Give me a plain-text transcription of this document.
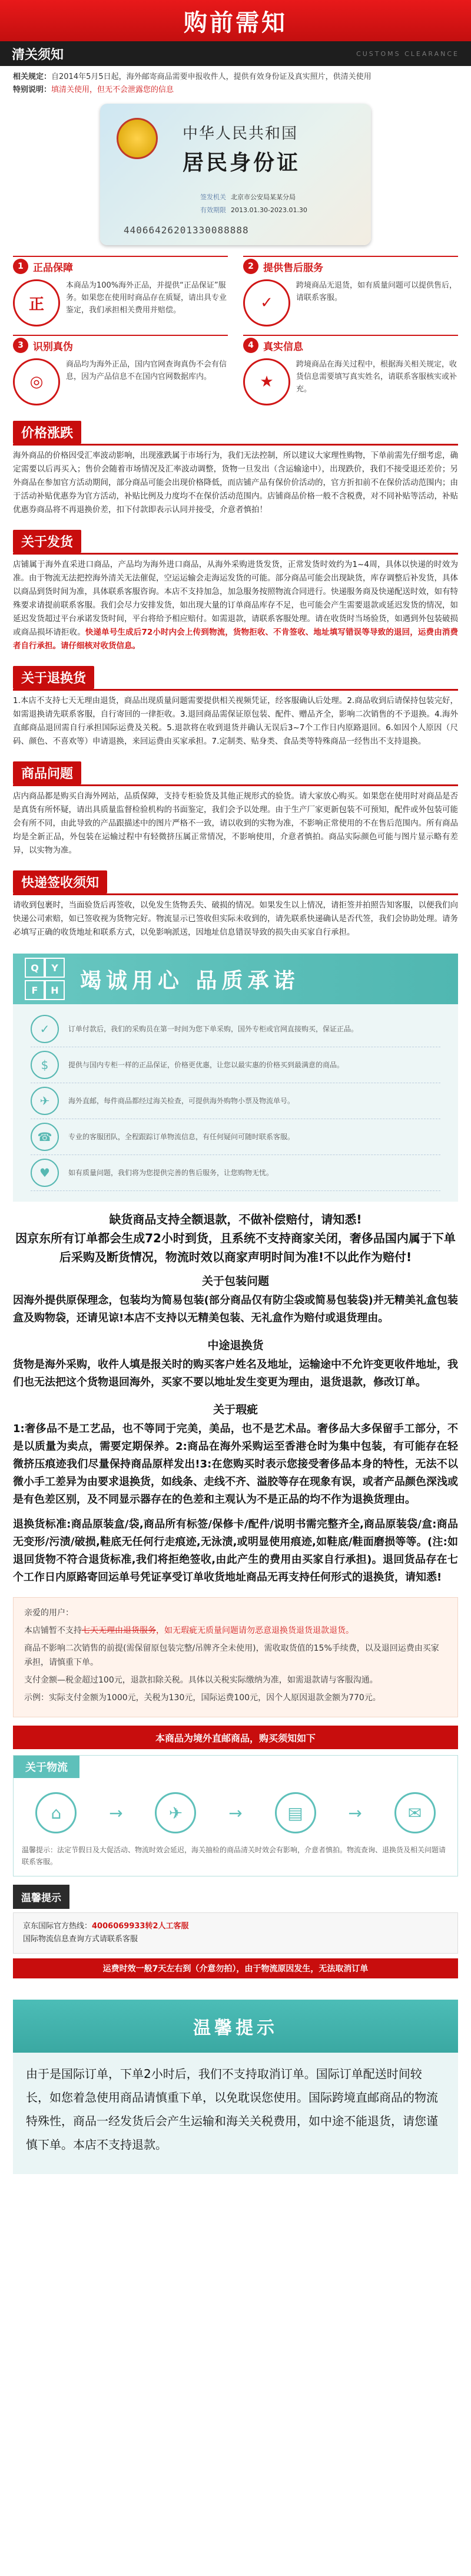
购前需知
清关须知	CUSTOMS CLEARANCE
相关规定：自2014年5月5日起，海外邮寄商品需要申报收件人，提供有效身份证及真实照片，供清关使用
特别说明：填清关使用，但无不会泄露您的信息
中华人民共和国
居民身份证
签发机关 北京市公安局某某分局
有效期限 2013.01.30-2023.01.30
44066426201330088888
1 正品保障
正

本商品为100%海外正品，并提供“正品保证”服务。如果您在使用时商品存在质疑，请出具专业鉴定，我们承担相关费用并赔偿。

2 提供售后服务
✓

跨境商品无退货，如有质量问题可以提供售后，请联系客服。

3 识别真伪
◎

商品均为海外正品，国内官网查询真伪不会有信息，因为产品信息不在国内官网数据库内。

4 真实信息
★

跨境商品在海关过程中，根据海关相关规定，收货信息需要填写真实姓名，请联系客服核实或补充。

价格涨跌
海外商品的价格因受汇率波动影响，出现涨跌属于市场行为，我们无法控制，所以建议大家理性购物，下单前需先仔细考虑，确定需要以后再买入；售价会随着市场情况及汇率波动调整，货物一旦发出（含运输途中），出现跌价，我们不接受退还差价；另外商品在参加官方活动期间，部分商品可能会出现价格降低，而店铺产品有保价价活动的，官方折扣前不在保价活动范围内；由于活动补贴优惠券为官方活动，补贴比例及力度均不在保价活动范围内。店铺商品价格一般不含税费，对不同补贴等活动，补贴优惠券商品将不再退换价差，扣下付款即表示认同并接受，介意者慎拍！
关于发货
店铺属于海外直采进口商品，产品均为海外进口商品，从海外采购进货发货，正常发货时效约为1~4周，具体以快递的时效为准。由于物流无法把控海外清关无法催促，空运运输会走海运发货的可能。部分商品可能会出现缺货，库存调整后补发货，具体以商品到货时间为准，具体联系客服咨询。本店不支持加急，加急服务按照物流合同进行。快递服务商及快递配送时效，如有特殊要求请提前联系客服。我们会尽力安排发货，如出现大量的订单商品库存不足，也可能会产生需要退款或延迟发货的情况，如延迟发货超过平台承诺发货时间，平台将给予相应赔付。如需退款，请联系客服处理。请在收货时当场验货，如遇到外包装破损或商品损坏请拒收。快递单号生成后72小时内会上传到物流，货物拒收、不肯签收、地址填写错误等导致的退回，运费由消费者自行承担。请仔细核对收货信息。
关于退换货
1.本店不支持七天无理由退货，商品出现质量问题需要提供相关视频凭证，经客服确认后处理。2.商品收到后请保持包装完好，如需退换请先联系客服，自行寄回的一律拒收。3.退回商品需保证原包装、配件、赠品齐全，影响二次销售的不予退换。4.海外直邮商品退回需自行承担国际运费及关税。5.退款将在收到退货并确认无误后3~7个工作日内原路退回。6.如因个人原因（尺码、颜色、不喜欢等）申请退换，来回运费由买家承担。7.定制类、贴身类、食品类等特殊商品一经售出不支持退换。
商品问题
店内商品都是购买自海外网站，品质保障，支持专柜验货及其他正规形式的验货。请大家放心购买。如果您在使用时对商品是否是真货有所怀疑，请出具质量监督检验机构的书面鉴定，我们会予以处理。由于生产厂家更新包装不可预知，配件或外包装可能会有所不同，由此导致的产品跟描述中的图片严格不一致，请以收到的实物为准，不影响正常使用的不在售后范围内。所有商品均是全新正品，外包装在运输过程中有轻微挤压属正常情况，不影响使用，介意者慎拍。商品实际颜色可能与图片显示略有差异，以实物为准。
快递签收须知
请收到包裹时，当面验货后再签收，以免发生货物丢失、破损的情况。如果发生以上情况，请拒签并拍照告知客服，以便我们向快递公司索赔，如已签收视为货物完好。物流显示已签收但实际未收到的，请先联系快递确认是否代签，我们会协助处理。请务必填写正确的收货地址和联系方式，以免影响派送，因地址信息错误导致的损失由买家自行承担。
Q	Y
F	H 竭诚用心 品质承诺
✓	订单付款后，我们的采购员在第一时间为您下单采购，国外专柜或官网直接购买，保证正品。

$	提供与国内专柜一样的正品保证，价格更优惠，让您以最实惠的价格买到最满意的商品。

✈	海外直邮，每件商品都经过海关检查，可提供海外购物小票及物流单号。

☎	专业的客服团队，全程跟踪订单物流信息，有任何疑问可随时联系客服。

♥	如有质量问题，我们将为您提供完善的售后服务，让您购物无忧。

缺货商品支持全额退款，不做补偿赔付，请知悉!
因京东所有订单都会生成72小时到货，且系统不支持商家关闭，奢侈品国内属于下单后采购及断货情况，物流时效以商家声明时间为准!不以此作为赔付!
关于包装问题
因海外提供原保理念，包装均为简易包装(部分商品仅有防尘袋或简易包装袋)并无精美礼盒包装盒及购物袋，还请见谅!本店不支持以无精美包装、无礼盒作为赔付或退货理由。
中途退换货
货物是海外采购，收件人填是报关时的购买客户姓名及地址，运输途中不允许变更收件地址，我们也无法把这个货物退回海外，买家不要以地址发生变更为理由，退货退款，修改订单。
关于瑕疵
1:奢侈品不是工艺品，也不等同于完美，美品，也不是艺术品。奢侈品大多保留手工部分，不是以质量为卖点，需要定期保养。2:商品在海外采购运至香港仓时为集中包装，有可能存在轻微挤压痕迹我们尽量保持商品原样发出!3:在您购买时表示您接受奢侈品本身的特性，无法不以微小手工差异为由要求退换货，如线条、走线不齐、溢胶等存在现象有误，或者产品颜色深浅或是有色差区别，及不同显示器存在的色差和主观认为不是正品的均不作为退换货理由。
退换货标准:商品原装盒/袋,商品所有标签/保修卡/配件/说明书需完整齐全,商品原装袋/盒:商品无变形/污渍/破损,鞋底无任何行走痕迹,无泳渍,或明显使用痕迹,如鞋底/鞋面磨损等等。(注:如退回货物不符合退货标准,我们将拒绝签收,由此产生的费用由买家自行承担)。退回货品存在七个工作日内原路寄回运单号凭证享受订单收货地址商品无再支持任何形式的退换货，请知悉!

亲爱的用户：

本店铺暂不支持七天无理由退货服务，如无瑕疵无质量问题请勿恶意退换货退货退款退货。

商品不影响二次销售的前提(需保留原包装完整/吊牌齐全未使用)，需收取货值的15%手续费，以及退回运费由买家承担，请慎重下单。

支付金额—税金超过100元，退款扣除关税。具体以关税实际缴纳为准，如需退款请与客服沟通。

示例：实际支付金额为1000元，关税为130元，国际运费100元，因个人原因退款金额为770元。

本商品为境外直邮商品，购买须知如下
关于物流
⌂	→	✈	→	▤	→	✉

温馨提示：法定节假日及大促活动、物流时效会延迟，海关抽检的商品清关时效会有影响，介意者慎拍。物流查询、退换货及相关问题请联系客服。

温馨提示
京东国际官方热线：4006069933转2人工客服
国际物流信息查询方式请联系客服
运费时效一般7天左右到（介意勿拍），由于物流原因发生，无法取消订单
温馨提示
由于是国际订单，下单2小时后，我们不支持取消订单。国际订单配送时间较长，如您着急使用商品请慎重下单，以免耽误您使用。国际跨境直邮商品的物流特殊性，商品一经发货后会产生运输和海关关税费用，如中途不能退货，请您谨慎下单。本店不支持退款。
